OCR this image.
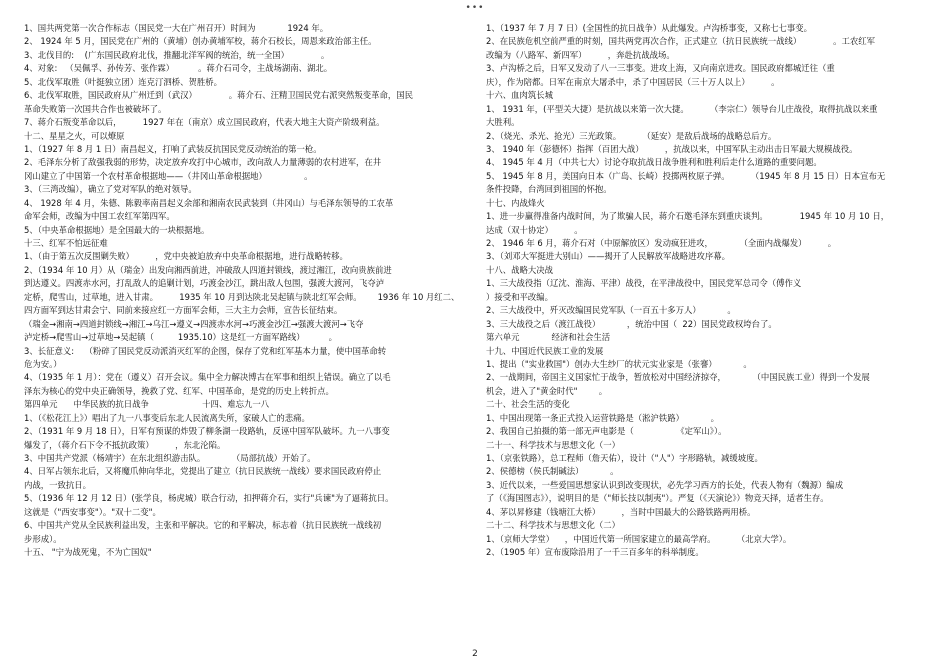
•••
1、国共两党第一次合作标志（国民党一大在广州召开）时间为            1924 年。
2、 1924 年 5 月，国民党在广州的（黄埔）创办黄埔军校，蒋介石校长，周恩来政治部主任。
3、北伐目的:    (广东国民政府北伐，推翻北洋军阀的统治，统一全国）            。
4、对象:   （吴佩孚、孙传芳、张作霖）         。蒋介石司令，主战场湖南、湖北。
5、北伐军取胜（叶挺独立团）连克汀泗桥、贺胜桥。
6、北伐军取胜，国民政府从广州迁到（武汉）            。蒋介石、汪精卫国民党右派突然叛变革命，国民
革命失败第一次国共合作也被破坏了。
7、蒋介石叛变革命以后，        1927 年在（南京）成立国民政府，代表大地主大资产阶级利益。
十二、星星之火，可以燎原
1、（1927 年 8 月 1 日）南昌起义，打响了武装反抗国民党反动统治的第一枪。
2、毛泽东分析了敌强我弱的形势，决定放弃攻打中心城市，改向敌人力量薄弱的农村进军，在井
冈山建立了中国第一个农村革命根据地——（井冈山革命根据地）              。
3、（三湾改编），确立了党对军队的绝对领导。
4、 1928 年 4 月，朱德、陈毅率南昌起义余部和湘南农民武装到（井冈山）与毛泽东领导的工农革
命军会师，改编为中国工农红军第四军。
5、（中央革命根据地）是全国最大的一块根据地。
十三、红军不怕远征难
1、（由于第五次反围剿失败）        ，党中央被迫放弃中央革命根据地，进行战略转移。
2、（1934 年 10 月）从（瑞金）出发向湘西前进，冲破敌人四道封锁线，渡过湘江，改向贵族前进
到达遵义。四渡赤水河，打乱敌人的追剿计划，巧渡金沙江，跳出敌人包围，强渡大渡河，飞夺泸
定桥，爬雪山，过草地，进入甘肃。        1935 年 10 月到达陕北吴起镇与陕北红军会师。      1936 年 10 月红二、
四方面军到达甘肃会宁、同前来接应红一方面军会师，三大主力会师，宣告长征结束。
（瑞金→湘南→四道封锁线→湘江→乌江→遵义→四渡赤水河→巧渡金沙江→强渡大渡河→飞夺
泸定桥→爬雪山→过草地→吴起镇（         1935.10）这是红一方面军路线）         。
3、长征意义:    （粉碎了国民党反动派消灭红军的企图，保存了党和红军基本力量，使中国革命转
危为安。）
4、（1935 年 1 月）：党在（遵义）召开会议。集中全力解决博古在军事和组织上错误。确立了以毛
泽东为核心的党中央正确领导，挽救了党、红军、中国革命，是党的历史上转折点。
第四单元      中华民族的抗日战争                    十四、难忘九一八
1、（《松花江上》）唱出了九一八事变后东北人民流离失所，家破人亡的悲痛。
2、（1931 年 9 月 18 日），日军有预谋的炸毁了柳条湖一段路轨，反诬中国军队破坏。九一八事变
爆发了，（蒋介石下令不抵抗政策）        ，东北沦陷。
3、中国共产党派（杨靖宇）在东北组织游击队。          （局部抗战）开始了。
4、日军占领东北后，又将魔爪伸向华北，党提出了建立（抗日民族统一战线）要求国民政府停止
内战，一致抗日。
5、（1936 年 12 月 12 日）(张学良，杨虎城）联合行动，扣押蒋介石，实行"兵谏"为了逼蒋抗日。
这就是（"西安事变"）。"双十二变"。
6、中国共产党从全民族利益出发，主张和平解决。它的和平解决，标志着（抗日民族统一战线初
步形成）。
十五、 "宁为战死鬼，不为亡国奴"
1、（1937 年 7 月 7 日）(全国性的抗日战争）从此爆发。卢沟桥事变，又称七七事变。
2、在民族危机空前严重的时刻，国共两党再次合作，正式建立（抗日民族统一战线）            。工农红军
改编为（八路军、新四军）        ，奔赴抗战战场。
3、卢沟桥之后，日军又发动了八一三事变。进攻上海，又向南京进攻。国民政府都城迁往（重
庆），作为陪都。日军在南京大屠杀中，杀了中国居民（三十万人以上）        。
十六、血肉筑长城
1、 1931 年，(平型关大捷）是抗战以来第一次大捷。        （李宗仁）领导台儿庄战役，取得抗战以来重
大胜利。
2、（烧光、杀光、抢光）三光政策。        （延安）是敌后战场的战略总后方。
3、 1940 年（彭德怀）指挥（百团大战）        ，抗战以来，中国军队主动出击日军最大规模战役。
4、 1945 年 4 月（中共七大）讨论夺取抗战日战争胜利和胜利后走什么道路的重要问题。
5、 1945 年 8 月，美国向日本（广岛、长崎）投掷两枚原子弹。        （1945 年 8 月 15 日）日本宣布无
条件投降，台湾回到祖国的怀抱。
十七、内战烽火
1、进一步赢得准备内战时间，为了欺骗人民，蒋介石邀毛泽东到重庆谈判。            1945 年 10 月 10 日，
达成（双十协定）        。
2、 1946 年 6 月，蒋介石对（中原解放区）发动疯狂进攻，          （全面内战爆发）        。
3、（刘邓大军挺进大别山）——揭开了人民解放军战略进攻序幕。
十八、战略大决战
1、三大战役指（辽沈、淮海、平津）战役，在平津战役中，国民党军总司令（傅作义
）接受和平改编。
2、三大战役中，歼灭改编国民党军队（一百五十多万人）          。
3、三大战役之后（渡江战役）          ，统治中国（  22）国民党政权垮台了。
第六单元            经济和社会生活
十九、中国近代民族工业的发展
1、提出（"实业救国"）创办大生纱厂的状元实业家是（张謇）          。
2、一战期间，帝国主义国家忙于战争，暂放松对中国经济掠夺，          （中国民族工业）得到一个发展
机会，进入了"黄金时代"        。
二十、社会生活的变化
1、中国出现第一条正式投入运营铁路是（淞沪铁路）          。
2、我国自己拍摄的第一部无声电影是（                《定军山》）。
二十一、科学技术与思想文化（一）
1、（京张铁路），总工程师（詹天佑），设计（"人"）字形路轨，减缓坡度。
2、侯德榜（侯氏制碱法）          。
3、近代以来，一些爱国思想家认识到改变现状，必先学习西方的长处，代表人物有（魏源）编成
了（《海国图志》），说明目的是（"师长技以制夷"）。严复（《天演论》）物竞天择，适者生存。
4、茅以昇修建（钱塘江大桥）        ，当时中国最大的公路铁路两用桥。
二十二、科学技术与思想文化（二）
1、（京师大学堂）    ，中国近代第一所国家建立的最高学府。        （北京大学）。
2、（1905 年）宣布废除沿用了一千三百多年的科举制度。
2
